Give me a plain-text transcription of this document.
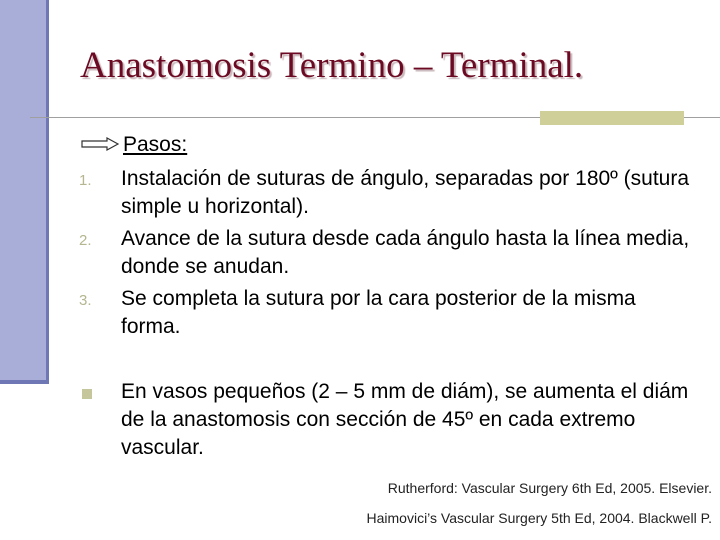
Anastomosis Termino – Terminal.
Pasos:
1. Instalación de suturas de ángulo, separadas por 180º (sutura simple u horizontal).
2. Avance de la sutura desde cada ángulo hasta la línea media, donde se anudan.
3. Se completa la sutura por la cara posterior de la misma forma.
En vasos pequeños (2 – 5 mm de diám), se aumenta el diám de la anastomosis con sección de 45º en cada extremo vascular.
Rutherford: Vascular Surgery 6th Ed, 2005. Elsevier.
Haimovici’s Vascular Surgery 5th Ed, 2004. Blackwell P.
